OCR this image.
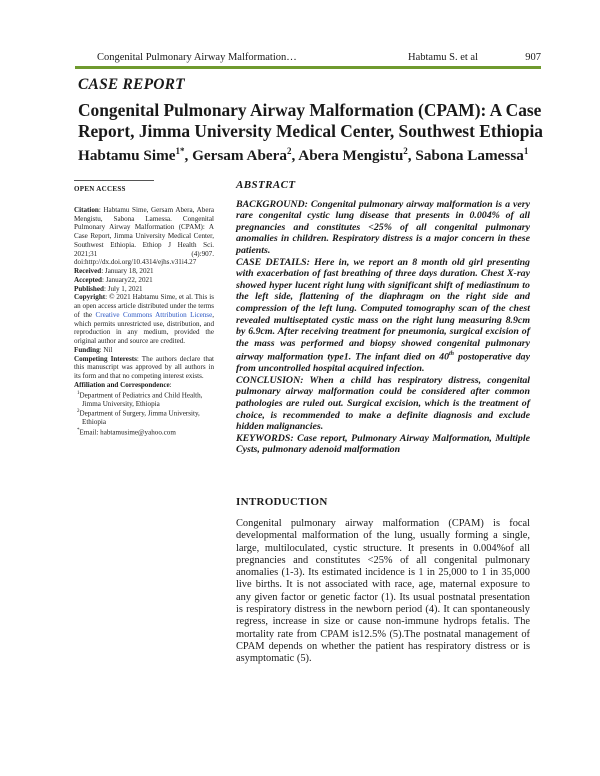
Congenital Pulmonary Airway Malformation…	Habtamu S. et al	907
CASE REPORT
Congenital Pulmonary Airway Malformation (CPAM): A Case Report, Jimma University Medical Center, Southwest Ethiopia
Habtamu Sime$^{1*}$, Gersam Abera$^2$, Abera Mengistu$^2$, Sabona Lamessa$^1$
OPEN ACCESS

Citation: Habtamu Sime, Gersam Abera, Abera Mengistu, Sabona Lamessa. Congenital Pulmonary Airway Malformation (CPAM): A Case Report, Jimma University Medical Center, Southwest Ethiopia. Ethiop J Health Sci. 2021;31 (4):907. doi:http://dx.doi.org/10.4314/ejhs.v31i4.27

Received: January 18, 2021

Accepted: January22, 2021

Published: July 1, 2021

Copyright: © 2021 Habtamu Sime, et al. This is an open access article distributed under the terms of the Creative Commons Attribution License, which permits unrestricted use, distribution, and reproduction in any medium, provided the original author and source are credited.

Funding: Nil

Competing Interests: The authors declare that this manuscript was approved by all authors in its form and that no competing interest exists.

Affiliation and Correspondence:

$^1$Department of Pediatrics and Child Health, Jimma University, Ethiopia

$^2$Department of Surgery, Jimma University, Ethiopia

*Email: habtamusime@yahoo.com

ABSTRACT

BACKGROUND: Congenital pulmonary airway malformation is a very rare congenital cystic lung disease that presents in 0.004% of all pregnancies and constitutes <25% of all congenital pulmonary anomalies in children. Respiratory distress is a major concern in these patients.

CASE DETAILS: Here in, we report an 8 month old girl presenting with exacerbation of fast breathing of three days duration. Chest X-ray showed hyper lucent right lung with significant shift of mediastinum to the left side, flattening of the diaphragm on the right side and compression of the left lung. Computed tomography scan of the chest revealed multiseptated cystic mass on the right lung measuring 8.9cm by 6.9cm. After receiving treatment for pneumonia, surgical excision of the mass was performed and biopsy showed congenital pulmonary airway malformation type1. The infant died on 40th postoperative day from uncontrolled hospital acquired infection.

CONCLUSION: When a child has respiratory distress, congenital pulmonary airway malformation could be considered after common pathologies are ruled out. Surgical excision, which is the treatment of choice, is recommended to make a definite diagnosis and exclude hidden malignancies.

KEYWORDS: Case report, Pulmonary Airway Malformation, Multiple Cysts, pulmonary adenoid malformation

INTRODUCTION

Congenital pulmonary airway malformation (CPAM) is focal developmental malformation of the lung, usually forming a single, large, multiloculated, cystic structure. It presents in 0.004%of all pregnancies and constitutes <25% of all congenital pulmonary anomalies (1-3). Its estimated incidence is 1 in 25,000 to 1 in 35,000 live births. It is not associated with race, age, maternal exposure to any given factor or genetic factor (1). Its usual postnatal presentation is respiratory distress in the newborn period (4). It can spontaneously regress, increase in size or cause non-immune hydrops fetalis. The mortality rate from CPAM is12.5% (5).The postnatal management of CPAM depends on whether the patient has respiratory distress or is asymptomatic (5).
